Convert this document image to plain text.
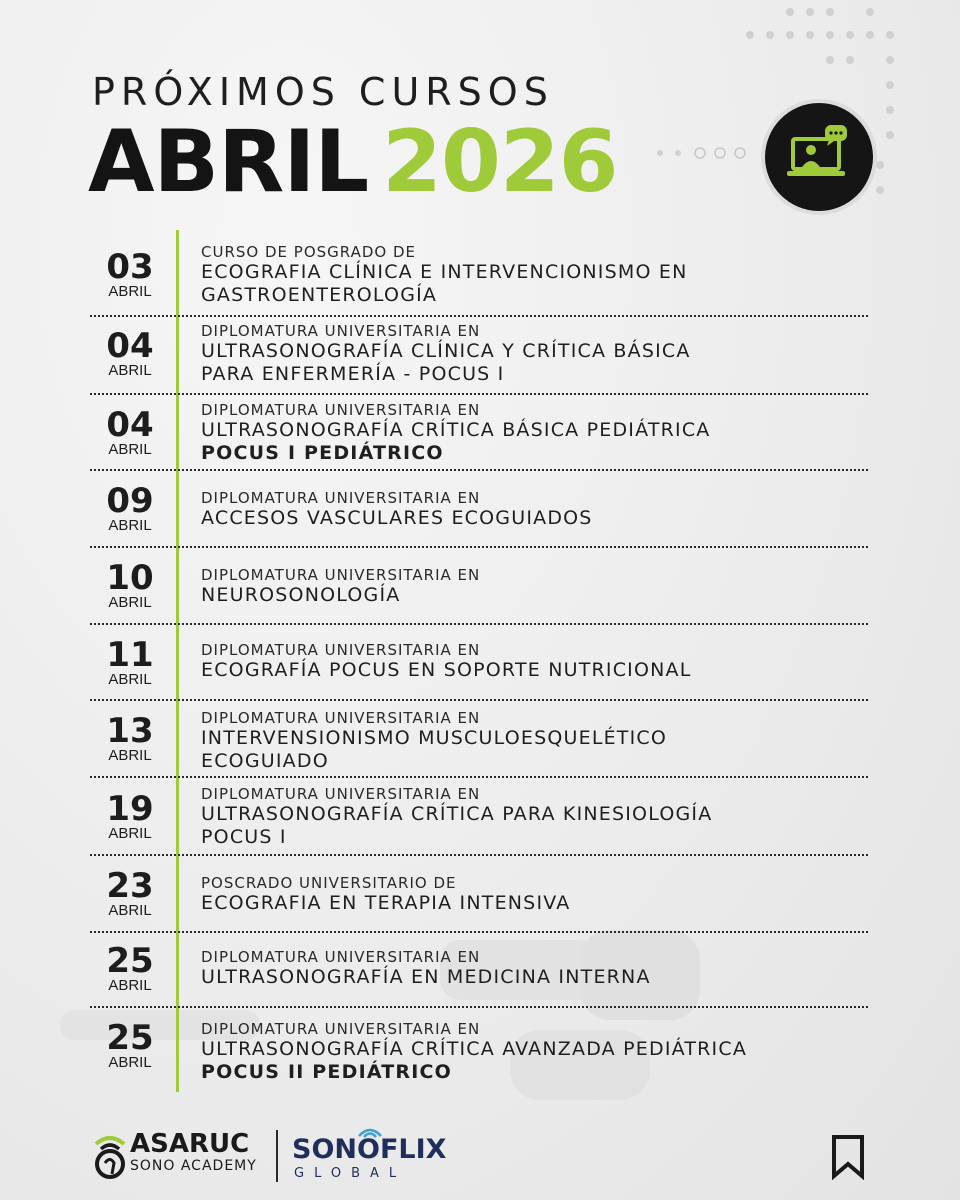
PRÓXIMOS CURSOS
ABRIL 2026
03
ABRIL
CURSO DE POSGRADO DE
ECOGRAFIA CLÍNICA E INTERVENCIONISMO EN
GASTROENTEROLOGÍA
04
ABRIL
DIPLOMATURA UNIVERSITARIA EN
ULTRASONOGRAFÍA CLÍNICA Y CRÍTICA BÁSICA
PARA ENFERMERÍA - POCUS I
04
ABRIL
DIPLOMATURA UNIVERSITARIA EN
ULTRASONOGRAFÍA CRÍTICA BÁSICA PEDIÁTRICA
POCUS I PEDIÁTRICO
09
ABRIL
DIPLOMATURA UNIVERSITARIA EN
ACCESOS VASCULARES ECOGUIADOS
10
ABRIL
DIPLOMATURA UNIVERSITARIA EN
NEUROSONOLOGÍA
11
ABRIL
DIPLOMATURA UNIVERSITARIA EN
ECOGRAFÍA POCUS EN SOPORTE NUTRICIONAL
13
ABRIL
DIPLOMATURA UNIVERSITARIA EN
INTERVENSIONISMO MUSCULOESQUELÉTICO
ECOGUIADO
19
ABRIL
DIPLOMATURA UNIVERSITARIA EN
ULTRASONOGRAFÍA CRÍTICA PARA KINESIOLOGÍA
POCUS I
23
ABRIL
POSCRADO UNIVERSITARIO DE
ECOGRAFIA EN TERAPIA INTENSIVA
25
ABRIL
DIPLOMATURA UNIVERSITARIA EN
ULTRASONOGRAFÍA EN MEDICINA INTERNA
25
ABRIL
DIPLOMATURA UNIVERSITARIA EN
ULTRASONOGRAFÍA CRÍTICA AVANZADA PEDIÁTRICA
POCUS II PEDIÁTRICO
ASARUC
SONO ACADEMY
SONOFLIX
GLOBAL
